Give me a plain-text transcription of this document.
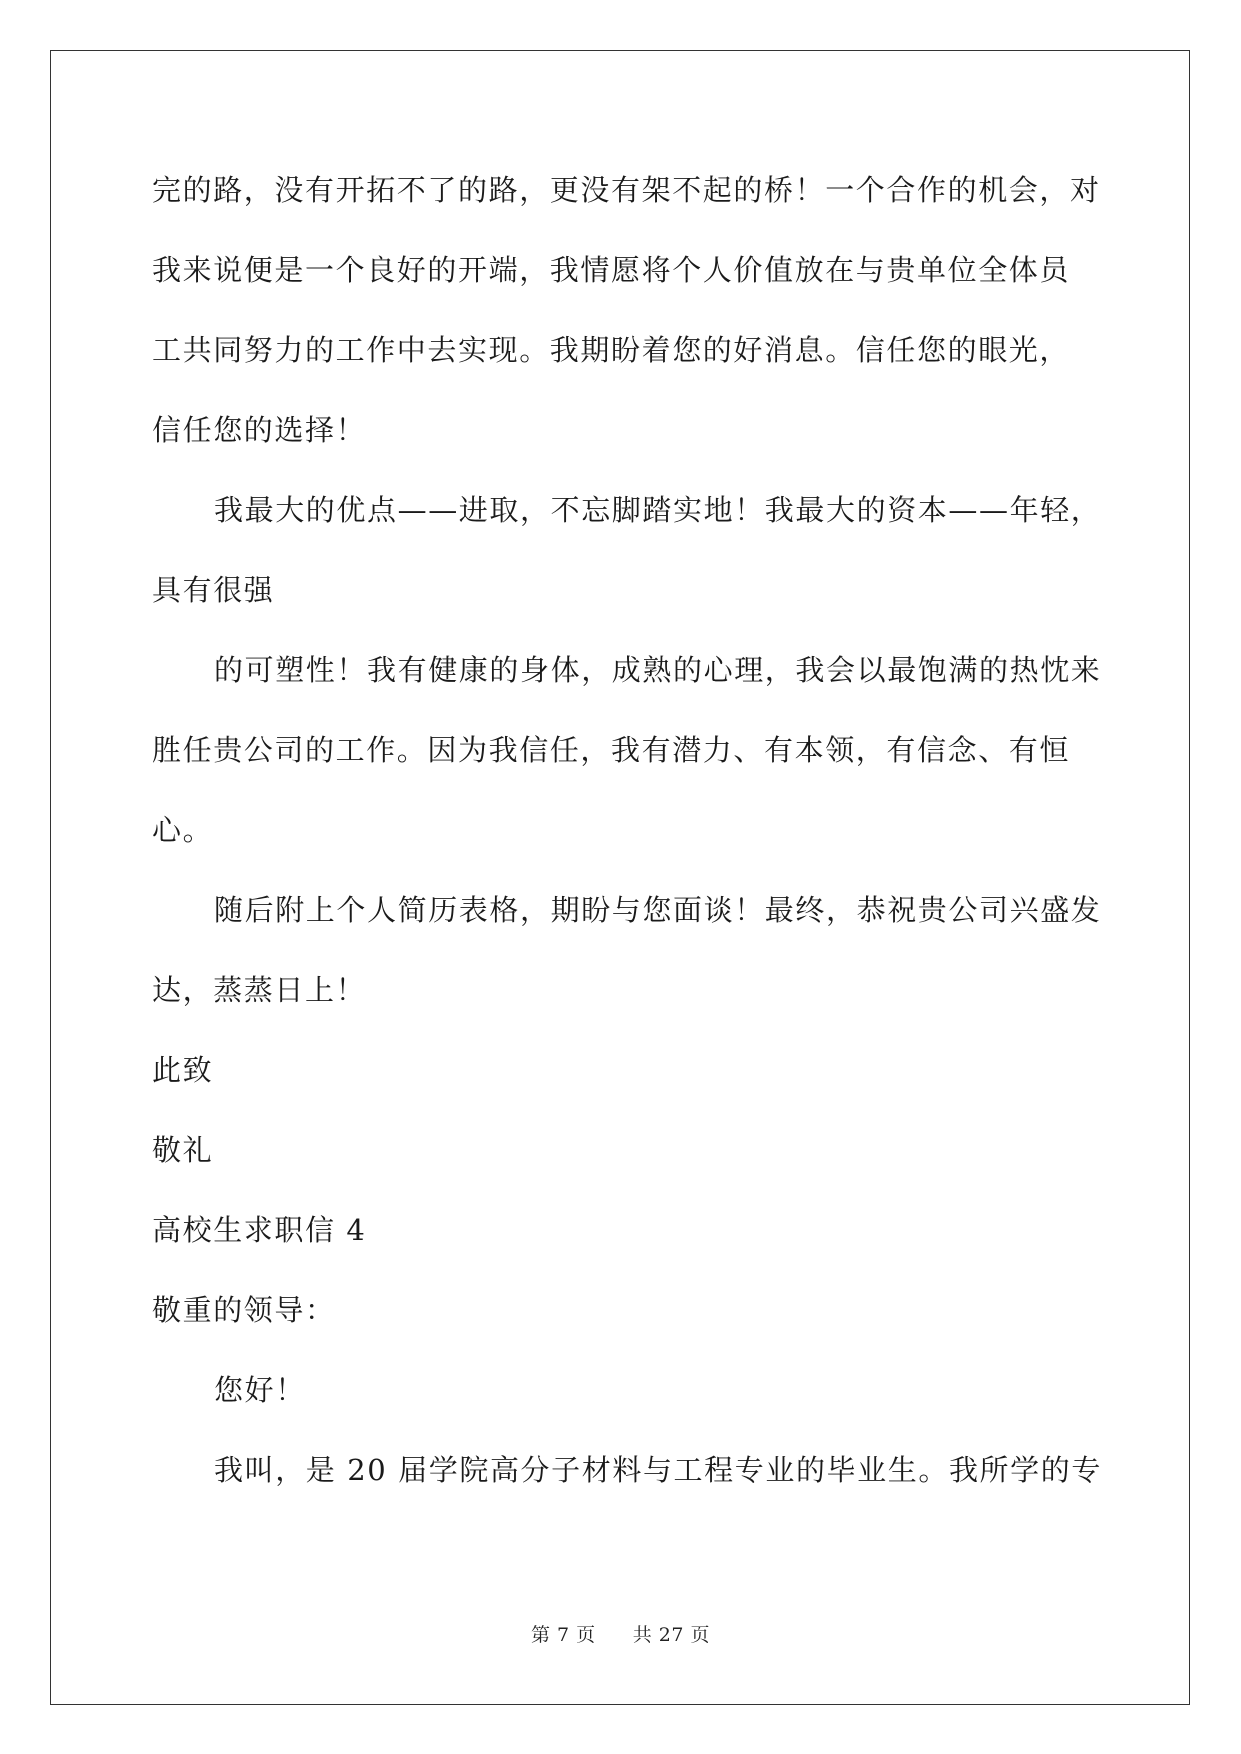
完的路，没有开拓不了的路，更没有架不起的桥！一个合作的机会，对
我来说便是一个良好的开端，我情愿将个人价值放在与贵单位全体员
工共同努力的工作中去实现。我期盼着您的好消息。信任您的眼光，
信任您的选择！
我最大的优点——进取，不忘脚踏实地！我最大的资本——年轻，
具有很强
的可塑性！我有健康的身体，成熟的心理，我会以最饱满的热忱来
胜任贵公司的工作。因为我信任，我有潜力、有本领，有信念、有恒
心。
随后附上个人简历表格，期盼与您面谈！最终，恭祝贵公司兴盛发
达，蒸蒸日上！
此致
敬礼
高校生求职信 4
敬重的领导：
您好！
我叫，是 20 届学院高分子材料与工程专业的毕业生。我所学的专
第 7 页 共 27 页
